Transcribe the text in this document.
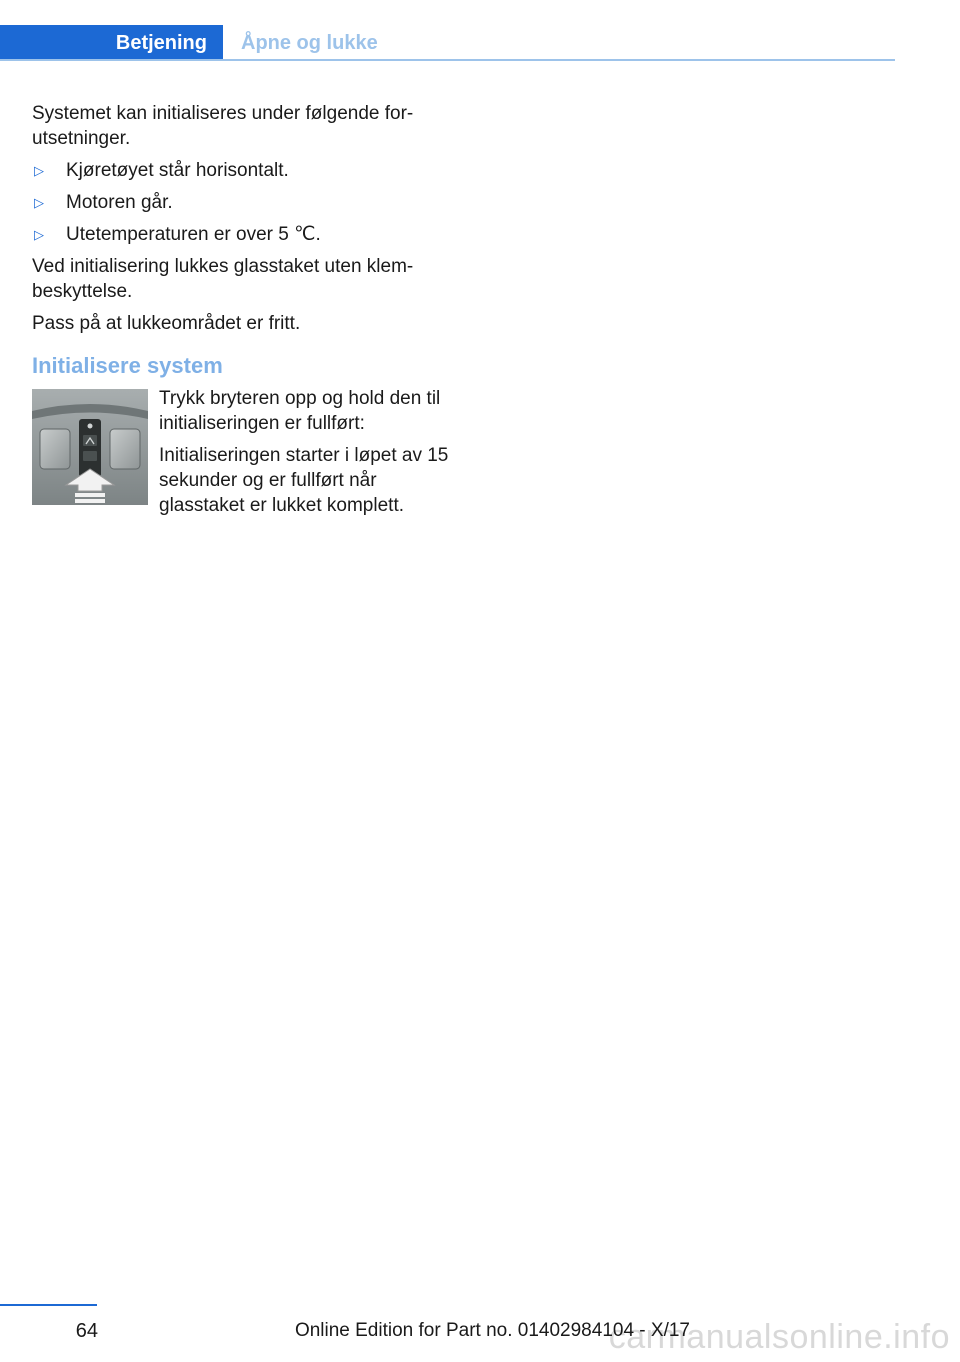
Betjening	Åpne og lukke

Systemet kan initialiseres under følgende for-utsetninger.

▷ Kjøretøyet står horisontalt.
▷ Motoren går.
▷ Utetemperaturen er over 5 ℃.

Ved initialisering lukkes glasstaket uten klem-beskyttelse.

Pass på at lukkeområdet er fritt.

Initialisere system

Trykk bryteren opp og hold den til initialiseringen er fullført:

Initialiseringen starter i løpet av 15 sekunder og er fullført når glasstaket er lukket komplett.

64	carmanualsonline.info
Online Edition for Part no. 01402984104 - X/17
